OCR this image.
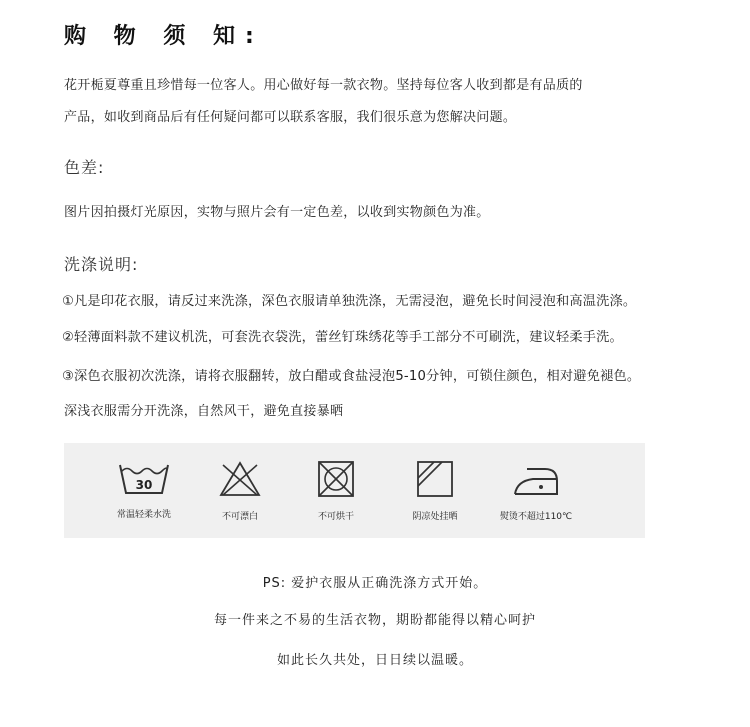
购 物 须 知:
花开栀夏尊重且珍惜每一位客人。用心做好每一款衣物。坚持每位客人收到都是有品质的
产品，如收到商品后有任何疑问都可以联系客服，我们很乐意为您解决问题。
色差:
图片因拍摄灯光原因，实物与照片会有一定色差，以收到实物颜色为准。
洗涤说明:
①凡是印花衣服，请反过来洗涤，深色衣服请单独洗涤，无需浸泡，避免长时间浸泡和高温洗涤。
②轻薄面料款不建议机洗，可套洗衣袋洗，蕾丝钉珠绣花等手工部分不可刷洗，建议轻柔手洗。
③深色衣服初次洗涤，请将衣服翻转，放白醋或食盐浸泡5-10分钟，可锁住颜色，相对避免褪色。
深浅衣服需分开洗涤，自然风干，避免直接暴晒
30
常温轻柔水洗	不可漂白	不可烘干	阴凉处挂晒	熨烫不超过110℃
PS: 爱护衣服从正确洗涤方式开始。
每一件来之不易的生活衣物，期盼都能得以精心呵护
如此长久共处，日日续以温暖。
